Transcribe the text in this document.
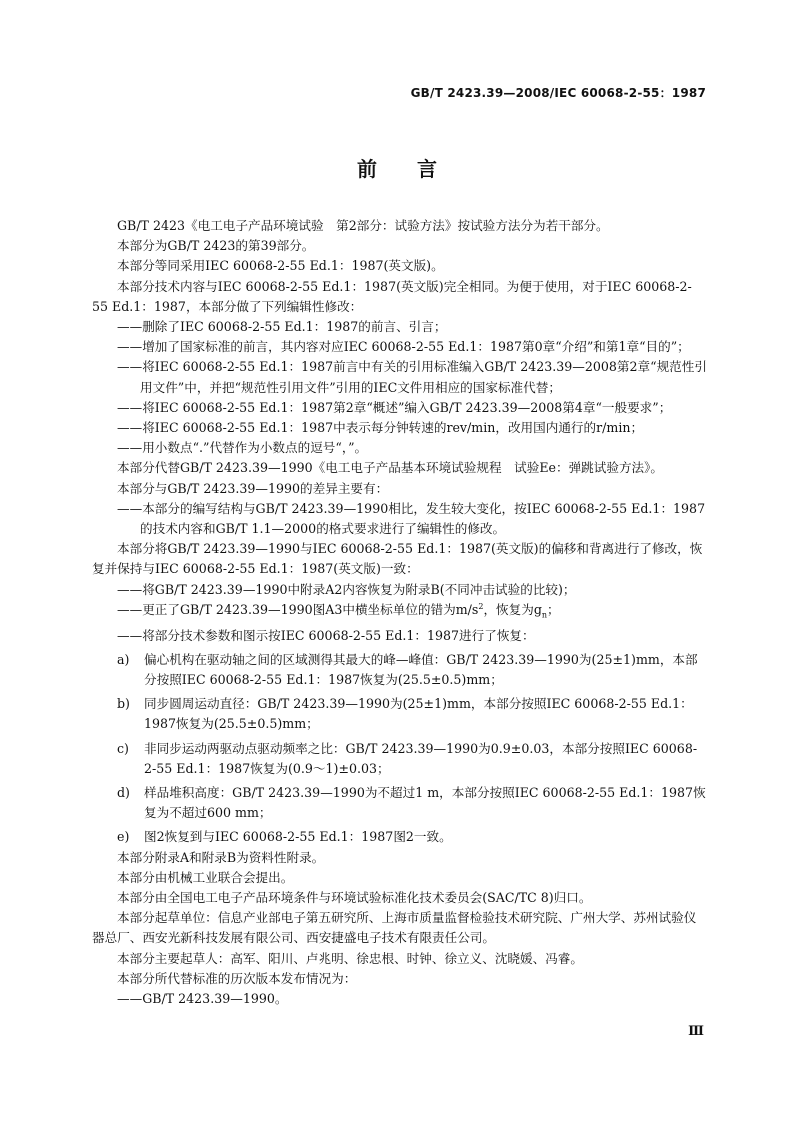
GB/T 2423.39—2008/IEC 60068-2-55：1987
前言

GB/T 2423《电工电子产品环境试验　第2部分：试验方法》按试验方法分为若干部分。

本部分为GB/T 2423的第39部分。

本部分等同采用IEC 60068-2-55 Ed.1：1987(英文版)。

本部分技术内容与IEC 60068-2-55 Ed.1：1987(英文版)完全相同。为便于使用，对于IEC 60068-2-55 Ed.1：1987，本部分做了下列编辑性修改：

——删除了IEC 60068-2-55 Ed.1：1987的前言、引言；

——增加了国家标准的前言，其内容对应IEC 60068-2-55 Ed.1：1987第0章“介绍”和第1章“目的”；

——将IEC 60068-2-55 Ed.1：1987前言中有关的引用标准编入GB/T 2423.39—2008第2章“规范性引用文件”中，并把“规范性引用文件”引用的IEC文件用相应的国家标准代替；

——将IEC 60068-2-55 Ed.1：1987第2章“概述”编入GB/T 2423.39—2008第4章“一般要求”；

——将IEC 60068-2-55 Ed.1：1987中表示每分钟转速的rev/min，改用国内通行的r/min；

——用小数点“.”代替作为小数点的逗号“，”。

本部分代替GB/T 2423.39—1990《电工电子产品基本环境试验规程　试验Ee：弹跳试验方法》。

本部分与GB/T 2423.39—1990的差异主要有：

——本部分的编写结构与GB/T 2423.39—1990相比，发生较大变化，按IEC 60068-2-55 Ed.1：1987的技术内容和GB/T 1.1—2000的格式要求进行了编辑性的修改。

本部分将GB/T 2423.39—1990与IEC 60068-2-55 Ed.1：1987(英文版)的偏移和背离进行了修改，恢复并保持与IEC 60068-2-55 Ed.1：1987(英文版)一致：

——将GB/T 2423.39—1990中附录A2内容恢复为附录B(不同冲击试验的比较)；

——更正了GB/T 2423.39—1990图A3中横坐标单位的错为$m/s^2$，恢复为$g_n$；

——将部分技术参数和图示按IEC 60068-2-55 Ed.1：1987进行了恢复：

a) 偏心机构在驱动轴之间的区域测得其最大的峰—峰值：GB/T 2423.39—1990为(25±1)mm，本部分按照IEC 60068-2-55 Ed.1：1987恢复为(25.5±0.5)mm；

b) 同步圆周运动直径：GB/T 2423.39—1990为(25±1)mm，本部分按照IEC 60068-2-55 Ed.1：1987恢复为(25.5±0.5)mm；

c) 非同步运动两驱动点驱动频率之比：GB/T 2423.39—1990为0.9±0.03，本部分按照IEC 60068-2-55 Ed.1：1987恢复为(0.9～1)±0.03；

d) 样品堆积高度：GB/T 2423.39—1990为不超过1 m，本部分按照IEC 60068-2-55 Ed.1：1987恢复为不超过600 mm；

e) 图2恢复到与IEC 60068-2-55 Ed.1：1987图2一致。

本部分附录A和附录B为资料性附录。

本部分由机械工业联合会提出。

本部分由全国电工电子产品环境条件与环境试验标准化技术委员会(SAC/TC 8)归口。

本部分起草单位：信息产业部电子第五研究所、上海市质量监督检验技术研究院、广州大学、苏州试验仪器总厂、西安光新科技发展有限公司、西安捷盛电子技术有限责任公司。

本部分主要起草人：高军、阳川、卢兆明、徐忠根、时钟、徐立义、沈晓媛、冯睿。

本部分所代替标准的历次版本发布情况为：

——GB/T 2423.39—1990。

Ⅲ
